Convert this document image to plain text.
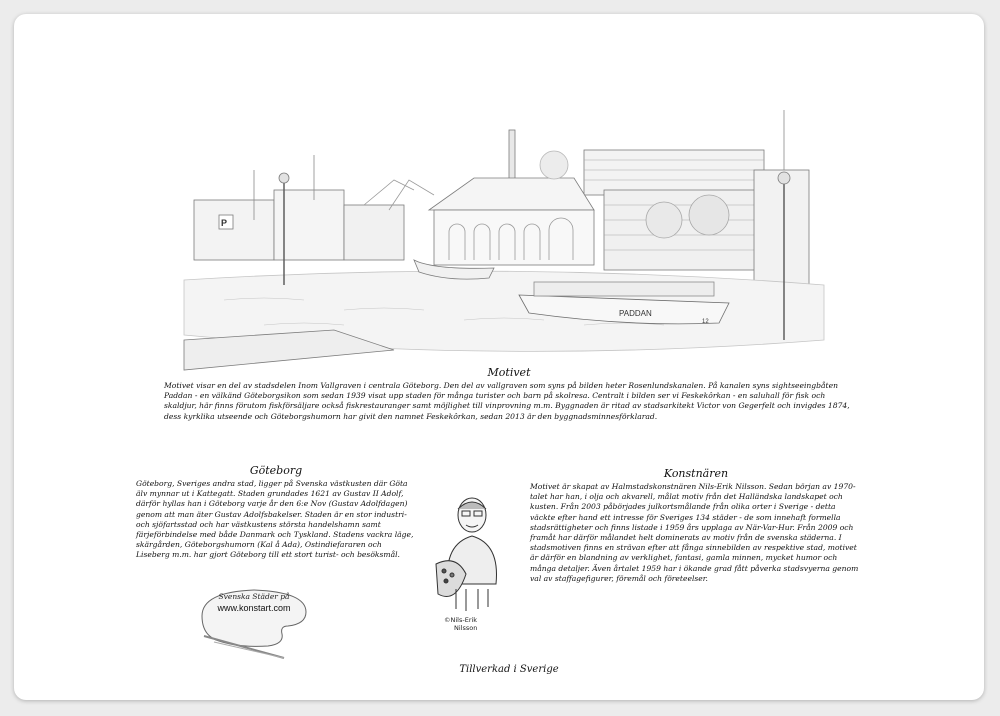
PADDAN
12
P
Motivet

Motivet visar en del av stadsdelen Inom Vallgraven i centrala Göteborg. Den del av vallgraven som syns på bilden heter Rosenlundskanalen. På kanalen syns sightseeingbåten Paddan - en välkänd Göteborgsikon som sedan 1939 visat upp staden för många turister och barn på skolresa. Centralt i bilden ser vi Feskekôrkan - en saluhall för fisk och skaldjur, här finns förutom fiskförsäljare också fiskrestauranger samt möjlighet till vinprovning m.m. Byggnaden är ritad av stadsarkitekt Victor von Gegerfelt och invigdes 1874, dess kyrklika utseende och Göteborgshumorn har givit den namnet Feskekôrkan, sedan 2013 är den byggnadsminnesförklarad.

Göteborg

Göteborg, Sveriges andra stad, ligger på Svenska västkusten där Göta älv mynnar ut i Kattegatt. Staden grundades 1621 av Gustav II Adolf, därför hyllas han i Göteborg varje år den 6:e Nov (Gustav Adolfdagen) genom att man äter Gustav Adolfsbakelser. Staden är en stor industri- och sjöfartsstad och har västkustens största handelshamn samt färjeförbindelse med både Danmark och Tyskland. Stadens vackra läge, skärgården, Göteborgshumorn (Kal å Ada), Ostindiefararen och Liseberg m.m. har gjort Göteborg till ett stort turist- och besöksmål.

©Nils-Erik
Nilsson
Konstnären

Motivet är skapat av Halmstadskonstnären Nils-Erik Nilsson. Sedan början av 1970-talet har han, i olja och akvarell, målat motiv från det Halländska landskapet och kusten. Från 2003 påbörjades julkortsmålande från olika orter i Sverige - detta väckte efter hand ett intresse för Sveriges 134 städer - de som innehaft formella stadsrättigheter och finns listade i 1959 års upplaga av När-Var-Hur. Från 2009 och framåt har därför målandet helt dominerats av motiv från de svenska städerna. I stadsmotiven finns en strävan efter att fånga sinnebilden av respektive stad, motivet är därför en blandning av verklighet, fantasi, gamla minnen, mycket humor och många detaljer. Även årtalet 1959 har i ökande grad fått påverka stadsvyerna genom val av staffagefigurer, föremål och företeelser.

Svenska Städer på
www.konstart.com
Tillverkad i Sverige
